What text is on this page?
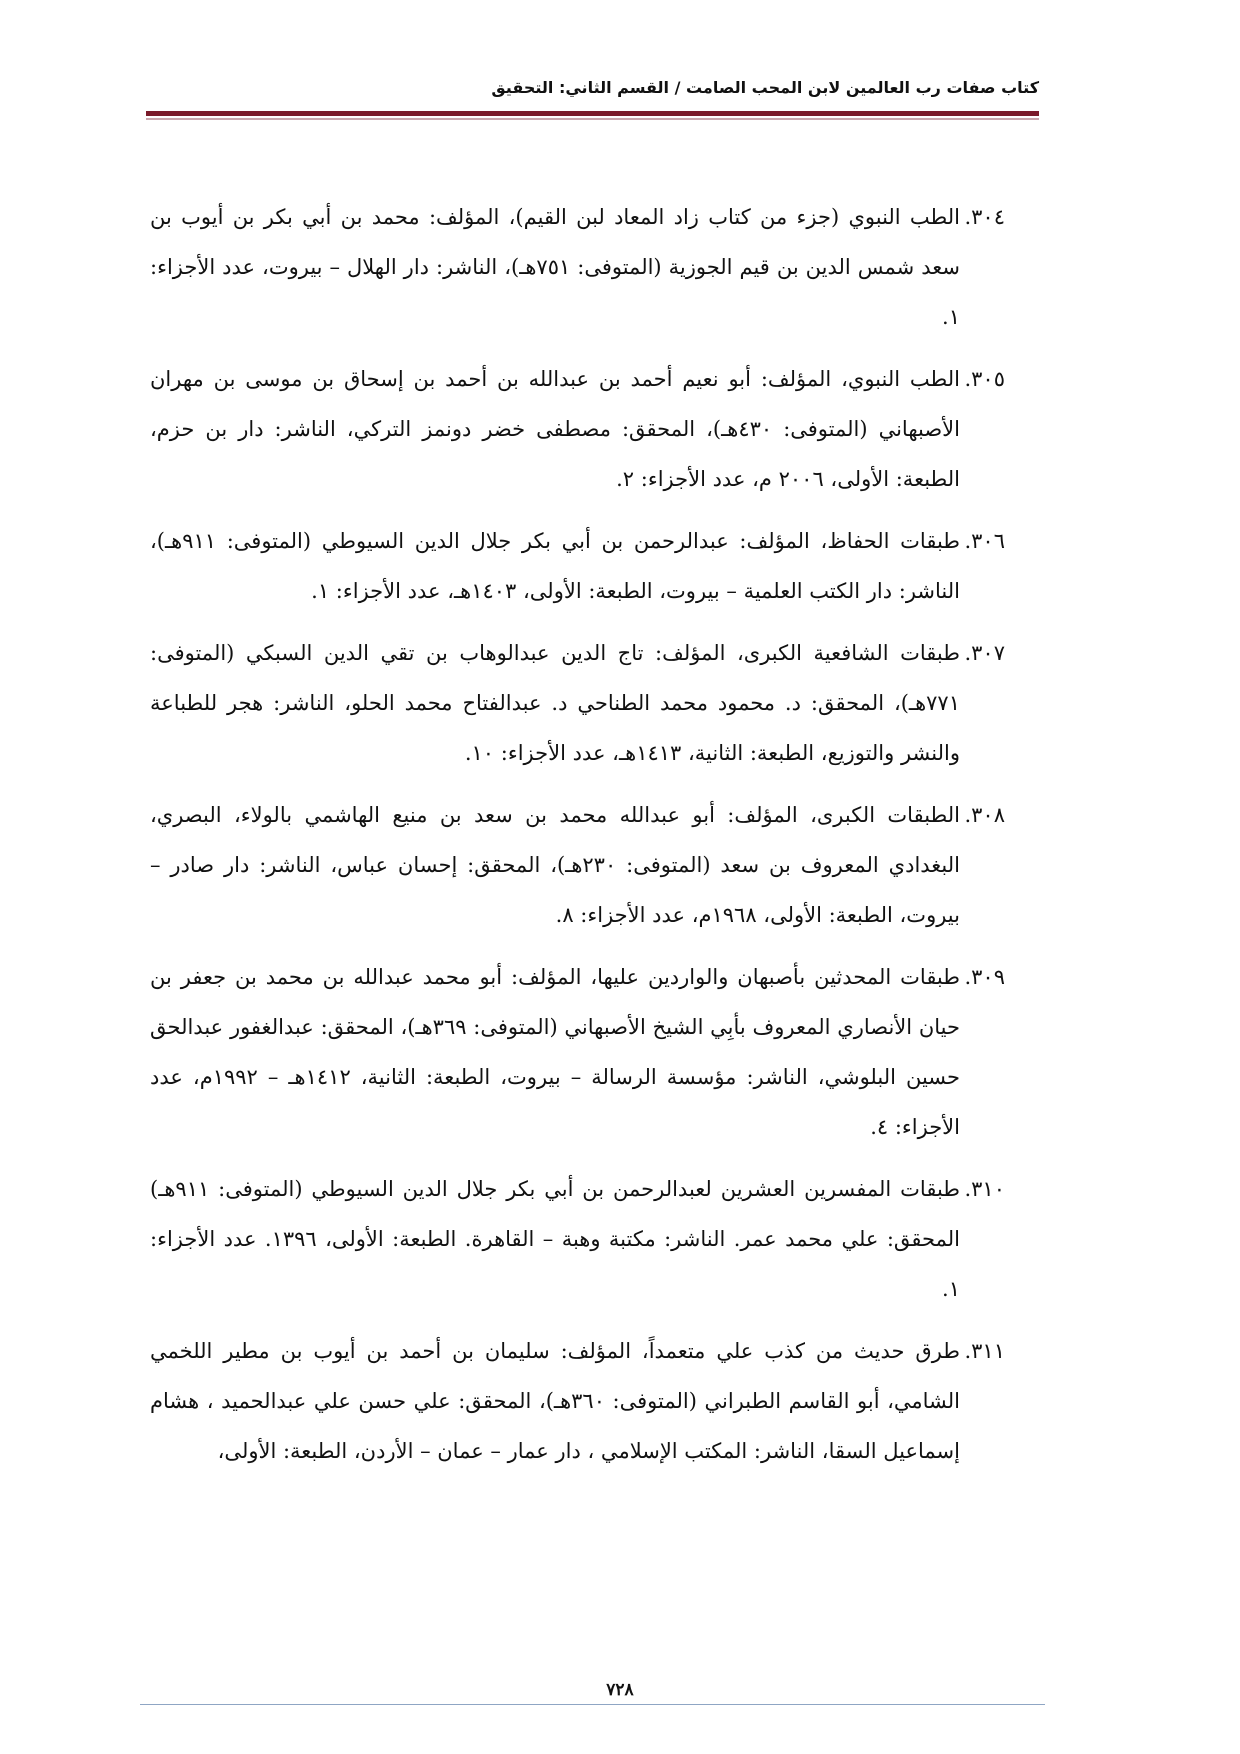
كتاب صفات رب العالمين لابن المحب الصامت / القسم الثاني: التحقيق
٣٠٤.
الطب النبوي (جزء من كتاب زاد المعاد لبن القيم)، المؤلف: محمد بن أبي بكر بن أيوب بن سعد شمس الدين بن قيم الجوزية (المتوفى: ٧٥١هـ)، الناشر: دار الهلال – بيروت، عدد الأجزاء: ١.
٣٠٥.
الطب النبوي، المؤلف: أبو نعيم أحمد بن عبدالله بن أحمد بن إسحاق بن موسى بن مهران الأصبهاني (المتوفى: ٤٣٠هـ)، المحقق: مصطفى خضر دونمز التركي، الناشر: دار بن حزم، الطبعة: الأولى، ٢٠٠٦ م، عدد الأجزاء: ٢.
٣٠٦.
طبقات الحفاظ، المؤلف: عبدالرحمن بن أبي بكر جلال الدين السيوطي (المتوفى: ٩١١هـ)، الناشر: دار الكتب العلمية – بيروت، الطبعة: الأولى، ١٤٠٣هـ، عدد الأجزاء: ١.
٣٠٧.
طبقات الشافعية الكبرى، المؤلف: تاج الدين عبدالوهاب بن تقي الدين السبكي (المتوفى: ٧٧١هـ)، المحقق: د. محمود محمد الطناحي د. عبدالفتاح محمد الحلو، الناشر: هجر للطباعة والنشر والتوزيع، الطبعة: الثانية، ١٤١٣هـ، عدد الأجزاء: ١٠.
٣٠٨.
الطبقات الكبرى، المؤلف: أبو عبدالله محمد بن سعد بن منيع الهاشمي بالولاء، البصري، البغدادي المعروف بن سعد (المتوفى: ٢٣٠هـ)، المحقق: إحسان عباس، الناشر: دار صادر – بيروت، الطبعة: الأولى، ١٩٦٨م، عدد الأجزاء: ٨.
٣٠٩.
طبقات المحدثين بأصبهان والواردين عليها، المؤلف: أبو محمد عبدالله بن محمد بن جعفر بن حيان الأنصاري المعروف بأبِي الشيخ الأصبهاني (المتوفى: ٣٦٩هـ)، المحقق: عبدالغفور عبدالحق حسين البلوشي، الناشر: مؤسسة الرسالة – بيروت، الطبعة: الثانية، ١٤١٢هـ – ١٩٩٢م، عدد الأجزاء: ٤.
٣١٠.
طبقات المفسرين العشرين لعبدالرحمن بن أبي بكر جلال الدين السيوطي (المتوفى: ٩١١هـ) المحقق: علي محمد عمر. الناشر: مكتبة وهبة – القاهرة. الطبعة: الأولى، ١٣٩٦. عدد الأجزاء: ١.
٣١١.
طرق حديث من كذب علي متعمداً، المؤلف: سليمان بن أحمد بن أيوب بن مطير اللخمي الشامي، أبو القاسم الطبراني (المتوفى: ٣٦٠هـ)، المحقق: علي حسن علي عبدالحميد ، هشام إسماعيل السقا، الناشر: المكتب الإسلامي ، دار عمار – عمان – الأردن، الطبعة: الأولى،
٧٢٨
